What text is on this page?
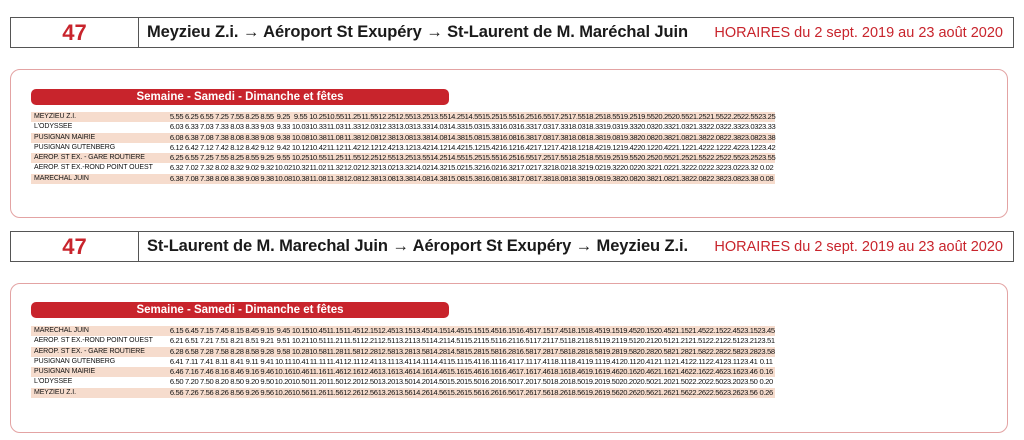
47	Meyzieu Z.i. → Aéroport St Exupéry → St-Laurent de M. Maréchal Juin	HORAIRES du 2 sept. 2019 au 23 août 2020
Semaine - Samedi - Dimanche et fêtes
MEYZIEU Z.I.	5.55	6.25	6.55	7.25	7.55	8.25	8.55	9.25	9.55	10.25	10.55	11.25	11.55	12.25	12.55	13.25	13.55	14.25	14.55	15.25	15.55	16.25	16.55	17.25	17.55	18.25	18.55	19.25	19.55	20.25	20.55	21.25	21.55	22.25	22.55	23.25
L'ODYSSEE	6.03	6.33	7.03	7.33	8.03	8.33	9.03	9.33	10.03	10.33	11.03	11.33	12.03	12.33	13.03	13.33	14.03	14.33	15.03	15.33	16.03	16.33	17.03	17.33	18.03	18.33	19.03	19.33	20.03	20.33	21.03	21.33	22.03	22.33	23.03	23.33
PUSIGNAN MAIRIE	6.08	6.38	7.08	7.38	8.08	8.38	9.08	9.38	10.08	10.38	11.08	11.38	12.08	12.38	13.08	13.38	14.08	14.38	15.08	15.38	16.08	16.38	17.08	17.38	18.08	18.38	19.08	19.38	20.08	20.38	21.08	21.38	22.08	22.38	23.08	23.38
PUSIGNAN GUTENBERG	6.12	6.42	7.12	7.42	8.12	8.42	9.12	9.42	10.12	10.42	11.12	11.42	12.12	12.42	13.12	13.42	14.12	14.42	15.12	15.42	16.12	16.42	17.12	17.42	18.12	18.42	19.12	19.42	20.12	20.42	21.12	21.42	22.12	22.42	23.12	23.42
AEROP. ST EX. - GARE ROUTIERE	6.25	6.55	7.25	7.55	8.25	8.55	9.25	9.55	10.25	10.55	11.25	11.55	12.25	12.55	13.25	13.55	14.25	14.55	15.25	15.55	16.25	16.55	17.25	17.55	18.25	18.55	19.25	19.55	20.25	20.55	21.25	21.55	22.25	22.55	23.25	23.55
AEROP. ST EX.-ROND POINT OUEST	6.32	7.02	7.32	8.02	8.32	9.02	9.32	10.02	10.32	11.02	11.32	12.02	12.32	13.02	13.32	14.02	14.32	15.02	15.32	16.02	16.32	17.02	17.32	18.02	18.32	19.02	19.32	20.02	20.32	21.02	21.32	22.02	22.32	23.02	23.32	0.02
MARECHAL JUIN	6.38	7.08	7.38	8.08	8.38	9.08	9.38	10.08	10.38	11.08	11.38	12.08	12.38	13.08	13.38	14.08	14.38	15.08	15.38	16.08	16.38	17.08	17.38	18.08	18.38	19.08	19.38	20.08	20.38	21.08	21.38	22.08	22.38	23.08	23.38	0.08
47	St-Laurent de M. Marechal Juin → Aéroport St Exupéry → Meyzieu Z.i.	HORAIRES du 2 sept. 2019 au 23 août 2020
Semaine - Samedi - Dimanche et fêtes
MARECHAL JUIN	6.15	6.45	7.15	7.45	8.15	8.45	9.15	9.45	10.15	10.45	11.15	11.45	12.15	12.45	13.15	13.45	14.15	14.45	15.15	15.45	16.15	16.45	17.15	17.45	18.15	18.45	19.15	19.45	20.15	20.45	21.15	21.45	22.15	22.45	23.15	23.45
AEROP. ST EX.-ROND POINT OUEST	6.21	6.51	7.21	7.51	8.21	8.51	9.21	9.51	10.21	10.51	11.21	11.51	12.21	12.51	13.21	13.51	14.21	14.51	15.21	15.51	16.21	16.51	17.21	17.51	18.21	18.51	19.21	19.51	20.21	20.51	21.21	21.51	22.21	22.51	23.21	23.51
AEROP. ST EX. - GARE ROUTIERE	6.28	6.58	7.28	7.58	8.28	8.58	9.28	9.58	10.28	10.58	11.28	11.58	12.28	12.58	13.28	13.58	14.28	14.58	15.28	15.58	16.28	16.58	17.28	17.58	18.28	18.58	19.28	19.58	20.28	20.58	21.28	21.58	22.28	22.58	23.28	23.58
PUSIGNAN GUTENBERG	6.41	7.11	7.41	8.11	8.41	9.11	9.41	10.11	10.41	11.11	11.41	12.11	12.41	13.11	13.41	14.11	14.41	15.11	15.41	16.11	16.41	17.11	17.41	18.11	18.41	19.11	19.41	20.11	20.41	21.11	21.41	22.11	22.41	23.11	23.41	0.11
PUSIGNAN MAIRIE	6.46	7.16	7.46	8.16	8.46	9.16	9.46	10.16	10.46	11.16	11.46	12.16	12.46	13.16	13.46	14.16	14.46	15.16	15.46	16.16	16.46	17.16	17.46	18.16	18.46	19.16	19.46	20.16	20.46	21.16	21.46	22.16	22.46	23.16	23.46	0.16
L'ODYSSEE	6.50	7.20	7.50	8.20	8.50	9.20	9.50	10.20	10.50	11.20	11.50	12.20	12.50	13.20	13.50	14.20	14.50	15.20	15.50	16.20	16.50	17.20	17.50	18.20	18.50	19.20	19.50	20.20	20.50	21.20	21.50	22.20	22.50	23.20	23.50	0.20
MEYZIEU Z.I.	6.56	7.26	7.56	8.26	8.56	9.26	9.56	10.26	10.56	11.26	11.56	12.26	12.56	13.26	13.56	14.26	14.56	15.26	15.56	16.26	16.56	17.26	17.56	18.26	18.56	19.26	19.56	20.26	20.56	21.26	21.56	22.26	22.56	23.26	23.56	0.26
